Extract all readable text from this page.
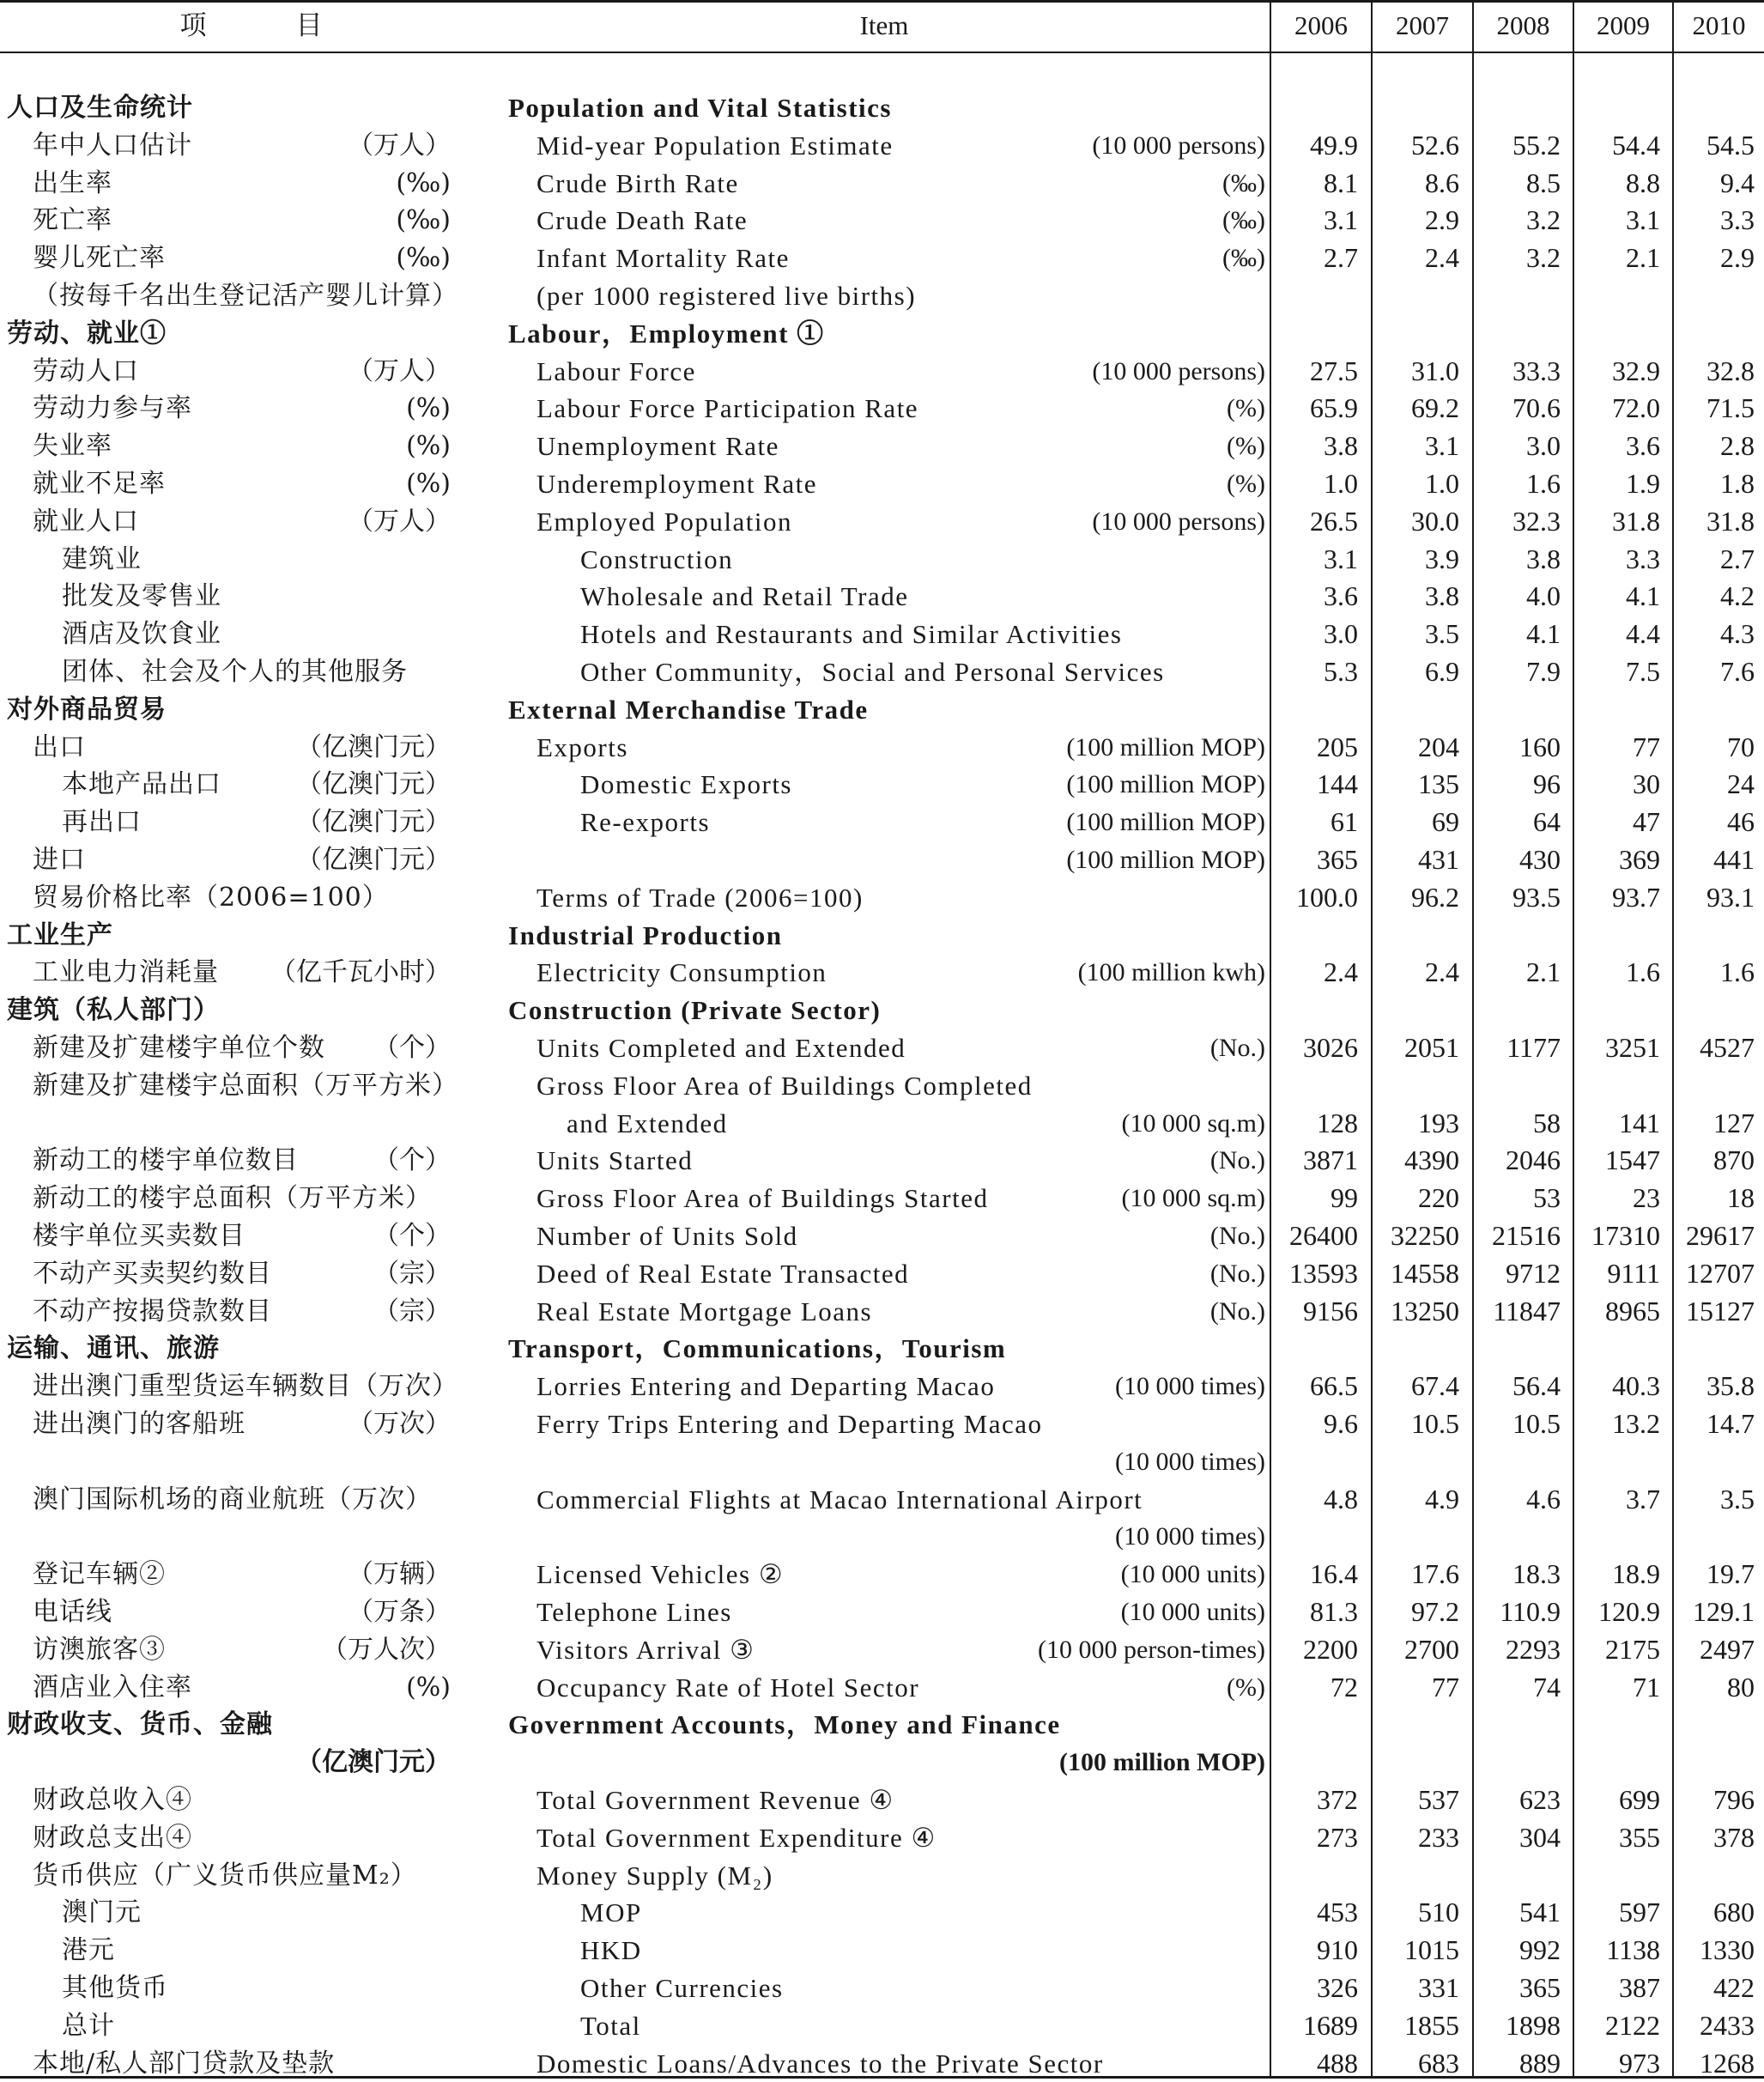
项	目	Item	2006	2007	2008	2009	2010
人口及生命统计	Population and Vital Statistics
年中人口估计	（万人）	Mid-year Population Estimate	(10 000 persons)	49.9	52.6	55.2	54.4	54.5
出生率	(‰)	Crude Birth Rate	(‰)	8.1	8.6	8.5	8.8	9.4
死亡率	(‰)	Crude Death Rate	(‰)	3.1	2.9	3.2	3.1	3.3
婴儿死亡率	(‰)	Infant Mortality Rate	(‰)	2.7	2.4	3.2	2.1	2.9
（按每千名出生登记活产婴儿计算）	(per 1000 registered live births)
劳动、就业①	Labour，Employment ①
劳动人口	（万人）	Labour Force	(10 000 persons)	27.5	31.0	33.3	32.9	32.8
劳动力参与率	(%)	Labour Force Participation Rate	(%)	65.9	69.2	70.6	72.0	71.5
失业率	(%)	Unemployment Rate	(%)	3.8	3.1	3.0	3.6	2.8
就业不足率	(%)	Underemployment Rate	(%)	1.0	1.0	1.6	1.9	1.8
就业人口	（万人）	Employed Population	(10 000 persons)	26.5	30.0	32.3	31.8	31.8
建筑业	Construction	3.1	3.9	3.8	3.3	2.7
批发及零售业	Wholesale and Retail Trade	3.6	3.8	4.0	4.1	4.2
酒店及饮食业	Hotels and Restaurants and Similar Activities	3.0	3.5	4.1	4.4	4.3
团体、社会及个人的其他服务	Other Community，Social and Personal Services	5.3	6.9	7.9	7.5	7.6
对外商品贸易	External Merchandise Trade
出口	（亿澳门元）	Exports	(100 million MOP)	205	204	160	77	70
本地产品出口	（亿澳门元）	Domestic Exports	(100 million MOP)	144	135	96	30	24
再出口	（亿澳门元）	Re-exports	(100 million MOP)	61	69	64	47	46
进口	（亿澳门元）	(100 million MOP)	365	431	430	369	441
贸易价格比率（2006=100）	Terms of Trade (2006=100)	100.0	96.2	93.5	93.7	93.1
工业生产	Industrial Production
工业电力消耗量 （亿千瓦小时）	Electricity Consumption	(100 million kwh)	2.4	2.4	2.1	1.6	1.6
建筑（私人部门）	Construction (Private Sector)
新建及扩建楼宇单位个数 （个）	Units Completed and Extended	(No.)	3026	2051	1177	3251	4527
新建及扩建楼宇总面积（万平方米）	Gross Floor Area of Buildings Completed
and Extended	(10 000 sq.m)	128	193	58	141	127
新动工的楼宇单位数目	（个）	Units Started	(No.)	3871	4390	2046	1547	870
新动工的楼宇总面积（万平方米）	Gross Floor Area of Buildings Started	(10 000 sq.m)	99	220	53	23	18
楼宇单位买卖数目	（个）	Number of Units Sold	(No.) 26400	32250	21516	17310 29617
不动产买卖契约数目	（宗）	Deed of Real Estate Transacted	(No.) 13593	14558	9712	9111 12707
不动产按揭贷款数目	（宗）	Real Estate Mortgage Loans	(No.)	9156	13250	11847	8965 15127
运输、通讯、旅游	Transport，Communications，Tourism
进出澳门重型货运车辆数目（万次）	Lorries Entering and Departing Macao	(10 000 times)	66.5	67.4	56.4	40.3	35.8
进出澳门的客船班	（万次）	Ferry Trips Entering and Departing Macao	9.6	10.5	10.5	13.2	14.7
(10 000 times)
澳门国际机场的商业航班（万次）	Commercial Flights at Macao International Airport	4.8	4.9	4.6	3.7	3.5
(10 000 times)
登记车辆②	（万辆）	Licensed Vehicles ②	(10 000 units)	16.4	17.6	18.3	18.9	19.7
电话线	（万条）	Telephone Lines	(10 000 units)	81.3	97.2	110.9	120.9	129.1
访澳旅客③	（万人次）	Visitors Arrival ③	(10 000 person-times)	2200	2700	2293	2175	2497
酒店业入住率	(%)	Occupancy Rate of Hotel Sector	(%)	72	77	74	71	80
财政收支、货币、金融	Government Accounts，Money and Finance
（亿澳门元）	(100 million MOP)
财政总收入④	Total Government Revenue ④	372	537	623	699	796
财政总支出④	Total Government Expenditure ④	273	233	304	355	378
货币供应（广义货币供应量M₂）	Money Supply (M₂)
澳门元	MOP	453	510	541	597	680
港元	HKD	910	1015	992	1138	1330
其他货币	Other Currencies	326	331	365	387	422
总计	Total	1689	1855	1898	2122	2433
本地/私人部门贷款及垫款	Domestic Loans/Advances to the Private Sector	488	683	889	973	1268
